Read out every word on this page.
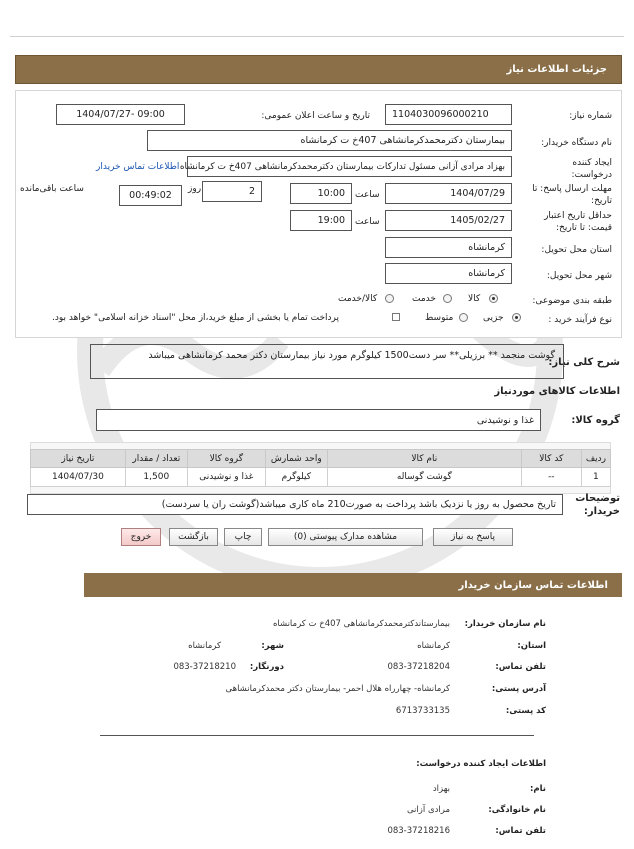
جزئیات اطلاعات نیاز
شماره نیاز:
1104030096000210
تاریخ و ساعت اعلان عمومی:
1404/07/27- 09:00
نام دستگاه خریدار:
بیمارستان دکترمحمدکرمانشاهی 407خ ت کرمانشاه
ایجاد کننده درخواست:
بهزاد مرادی آزانی مسئول تدارکات بیمارستان دکترمحمدکرمانشاهی 407خ ت کرمانشاه
اطلاعات تماس خریدار
مهلت ارسال پاسخ: تا تاریخ:
1404/07/29
ساعت
10:00
2
روز
00:49:02
ساعت باقی‌مانده
حداقل تاریخ اعتبار قیمت: تا تاریخ:
1405/02/27
ساعت
19:00
استان محل تحویل:
کرمانشاه
شهر محل تحویل:
کرمانشاه
طبقه بندی موضوعی:
کالا
خدمت
کالا/خدمت
نوع فرآیند خرید :
جزیی
متوسط
پرداخت تمام یا بخشی از مبلغ خرید،از محل "اسناد خزانه اسلامی" خواهد بود.
شرح کلی نیاز:
گوشت منجمد ** برزیلی** سر دست1500 کیلوگرم مورد نیاز بیمارستان دکتر محمد کرمانشاهی میباشد
اطلاعات کالاهای موردنیاز
گروه کالا:
غذا و نوشیدنی
ردیف	کد کالا	نام کالا	واحد شمارش	گروه کالا	تعداد / مقدار	تاریخ نیاز
1	--	گوشت گوساله	کیلوگرم	غذا و نوشیدنی	1,500	1404/07/30
توضیحات خریدار:
تاریخ محصول به روز یا نزدیک باشد پرداخت به صورت210 ماه کاری میباشد(گوشت ران یا سردست)
پاسخ به نیاز
مشاهده مدارک پیوستی (0)
چاپ
بازگشت
خروج
اطلاعات تماس سازمان خریدار
نام سازمان خریدار:
بیمارستاندکترمحمدکرمانشاهی 407خ ت کرمانشاه
استان:
کرمانشاه
شهر:
کرمانشاه
تلفن تماس:
083-37218204
دورنگار:
083-37218210
آدرس پستی:
کرمانشاه- چهارراه هلال احمر- بیمارستان دکتر محمدکرمانشاهی
کد پستی:
6713733135
اطلاعات ایجاد کننده درخواست:
نام:
بهزاد
نام خانوادگی:
مرادی آزانی
تلفن تماس:
083-37218216
